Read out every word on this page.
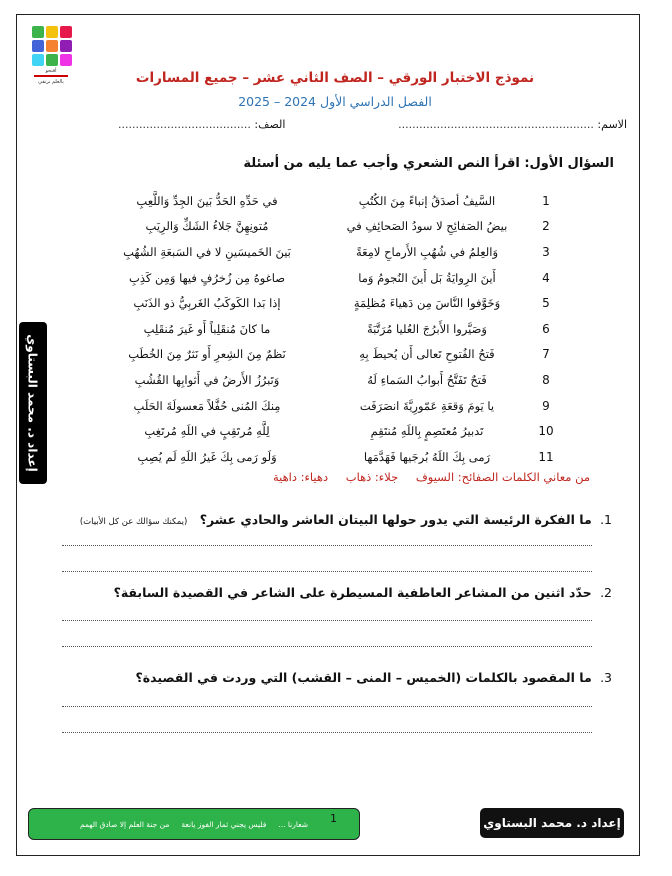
أفنحو
بالعلم نرتقي	نموذج الاختبار الورقي – الصف الثاني عشر – جميع المسارات
الفصل الدراسي الأول 2024 – 2025
الاسم: ........................................................
الصف: ......................................
السؤال الأول: اقرأ النص الشعري وأجب عما يليه من أسئلة
1
السَّيفُ أصدَقُ إنباءً مِنَ الكُتُبِ
في حَدِّهِ الحَدُّ بَينَ الجِدِّ وَاللَّعِبِ
2
بيضُ الصَفائِحِ لا سودُ الصَحائِفِ في
مُتونِهِنَّ جَلاءُ الشَكِّ وَالرِيَبِ
3
وَالعِلمُ في شُهُبِ الأَرماحِ لامِعَةً
بَينَ الخَميسَينِ لا في السَبعَةِ الشُهُبِ
4
أَينَ الرِوايَةُ بَل أَينَ النُجومُ وَما
صاغوهُ مِن زُخرُفٍ فيها وَمِن كَذِبِ
5
وَخَوَّفوا النَّاسَ مِن دَهياءَ مُظلِمَةٍ
إذا بَدا الكَوكَبُ الغَربِيُّ ذو الذَنَبِ
6
وَصَيَّروا الأَبرُجَ العُليا مُرَتَّبَةً
ما كانَ مُنقَلِباً أَو غَيرَ مُنقَلِبِ
7
فَتحُ الفُتوحِ تَعالى أَن يُحيطَ بِهِ
نَظمٌ مِنَ الشِعرِ أَو نَثرٌ مِنَ الخُطَبِ
8
فَتحٌ تَفَتَّحُ أَبوابُ السَماءِ لَهُ
وَتَبرُزُ الأَرضُ في أَثوابِها القُشُبِ
9
يا يَومَ وَقعَةِ عَمّورِيَّةَ انصَرَفَت
مِنكَ المُنى حُفَّلاً مَعسولَةَ الحَلَبِ
10
تَدبيرُ مُعتَصِمٍ بِاللَهِ مُنتَقِمِ
لِلَّهِ مُرتَقِبٍ في اللَهِ مُرتَغِبِ
11
رَمى بِكَ اللَهُ بُرجَيها فَهَدَّمَها
وَلَو رَمى بِكَ غَيرُ اللَهِ لَم يُصِبِ
من معاني الكلمات الصفائح: السيوف جلاء: ذهاب دهياء: داهية
إعداد د. محمد البستاوي
1. ما الفكرة الرئيسة التي يدور حولها البيتان العاشر والحادي عشر؟ (يمكنك سؤالك عن كل الأبيات)
2. حدّد اثنين من المشاعر العاطفية المسيطرة على الشاعر في القصيدة السابقة؟
3. ما المقصود بالكلمات (الخميس – المنى – القشب) التي وردت في القصيدة؟
شعارنا ...
فليس يجني ثمار الفوز يانعة
من جنة العلم إلا صادق الهمم	1	إعداد د. محمد البستاوي
